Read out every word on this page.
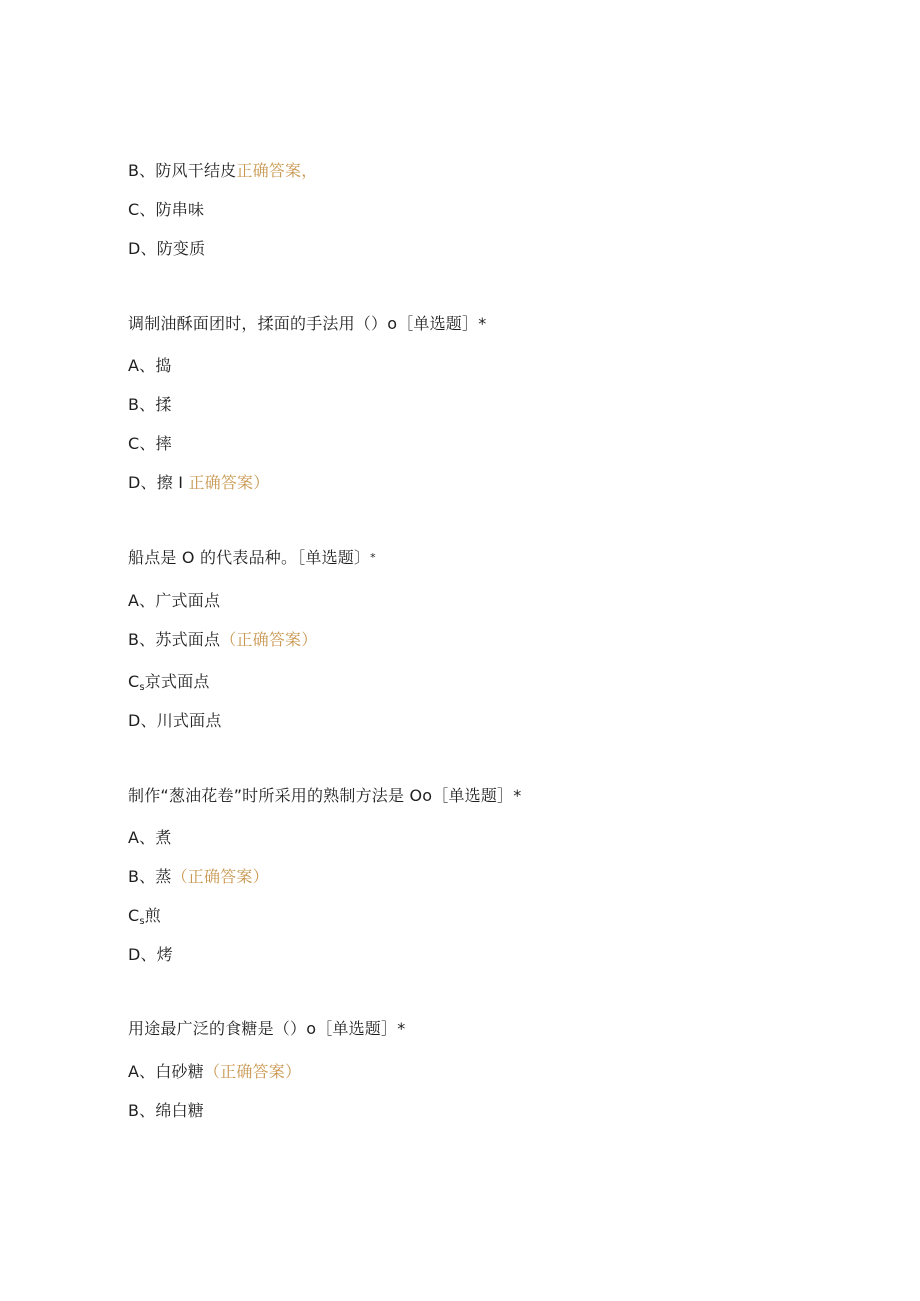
B、防风干结皮正确答案，
C、防串味
D、防变质
调制油酥面团时，揉面的手法用（）o［单选题］*
A、捣
B、揉
C、摔
D、擦 I 正确答案）
船点是 O 的代表品种。［单选题〕*
A、广式面点
B、苏式面点（正确答案）
$C_s$京式面点
D、川式面点
制作“葱油花卷”时所采用的熟制方法是 Oo［单选题］*
A、煮
B、蒸（正确答案）
$C_s$煎
D、烤
用途最广泛的食糖是（）o［单选题］*
A、白砂糖（正确答案）
B、绵白糖
